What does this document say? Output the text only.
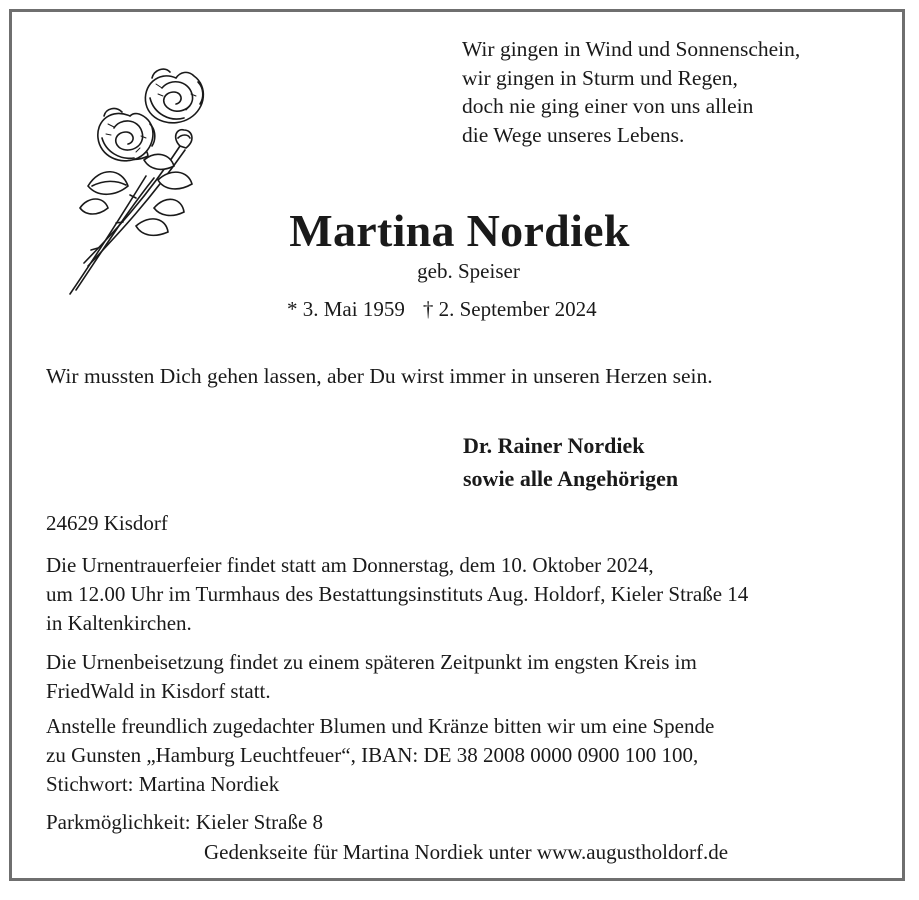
Wir gingen in Wind und Sonnenschein,
wir gingen in Sturm und Regen,
doch nie ging einer von uns allein
die Wege unseres Lebens.
Martina Nordiek
geb. Speiser
* 3. Mai 1959 † 2. September 2024
Wir mussten Dich gehen lassen, aber Du wirst immer in unseren Herzen sein.
Dr. Rainer Nordiek
sowie alle Angehörigen
24629 Kisdorf
Die Urnentrauerfeier findet statt am Donnerstag, dem 10. Oktober 2024,
um 12.00 Uhr im Turmhaus des Bestattungsinstituts Aug. Holdorf, Kieler Straße 14
in Kaltenkirchen.
Die Urnenbeisetzung findet zu einem späteren Zeitpunkt im engsten Kreis im
FriedWald in Kisdorf statt.
Anstelle freundlich zugedachter Blumen und Kränze bitten wir um eine Spende
zu Gunsten „Hamburg Leuchtfeuer“, IBAN: DE 38 2008 0000 0900 100 100,
Stichwort: Martina Nordiek
Parkmöglichkeit: Kieler Straße 8
Gedenkseite für Martina Nordiek unter www.augustholdorf.de
